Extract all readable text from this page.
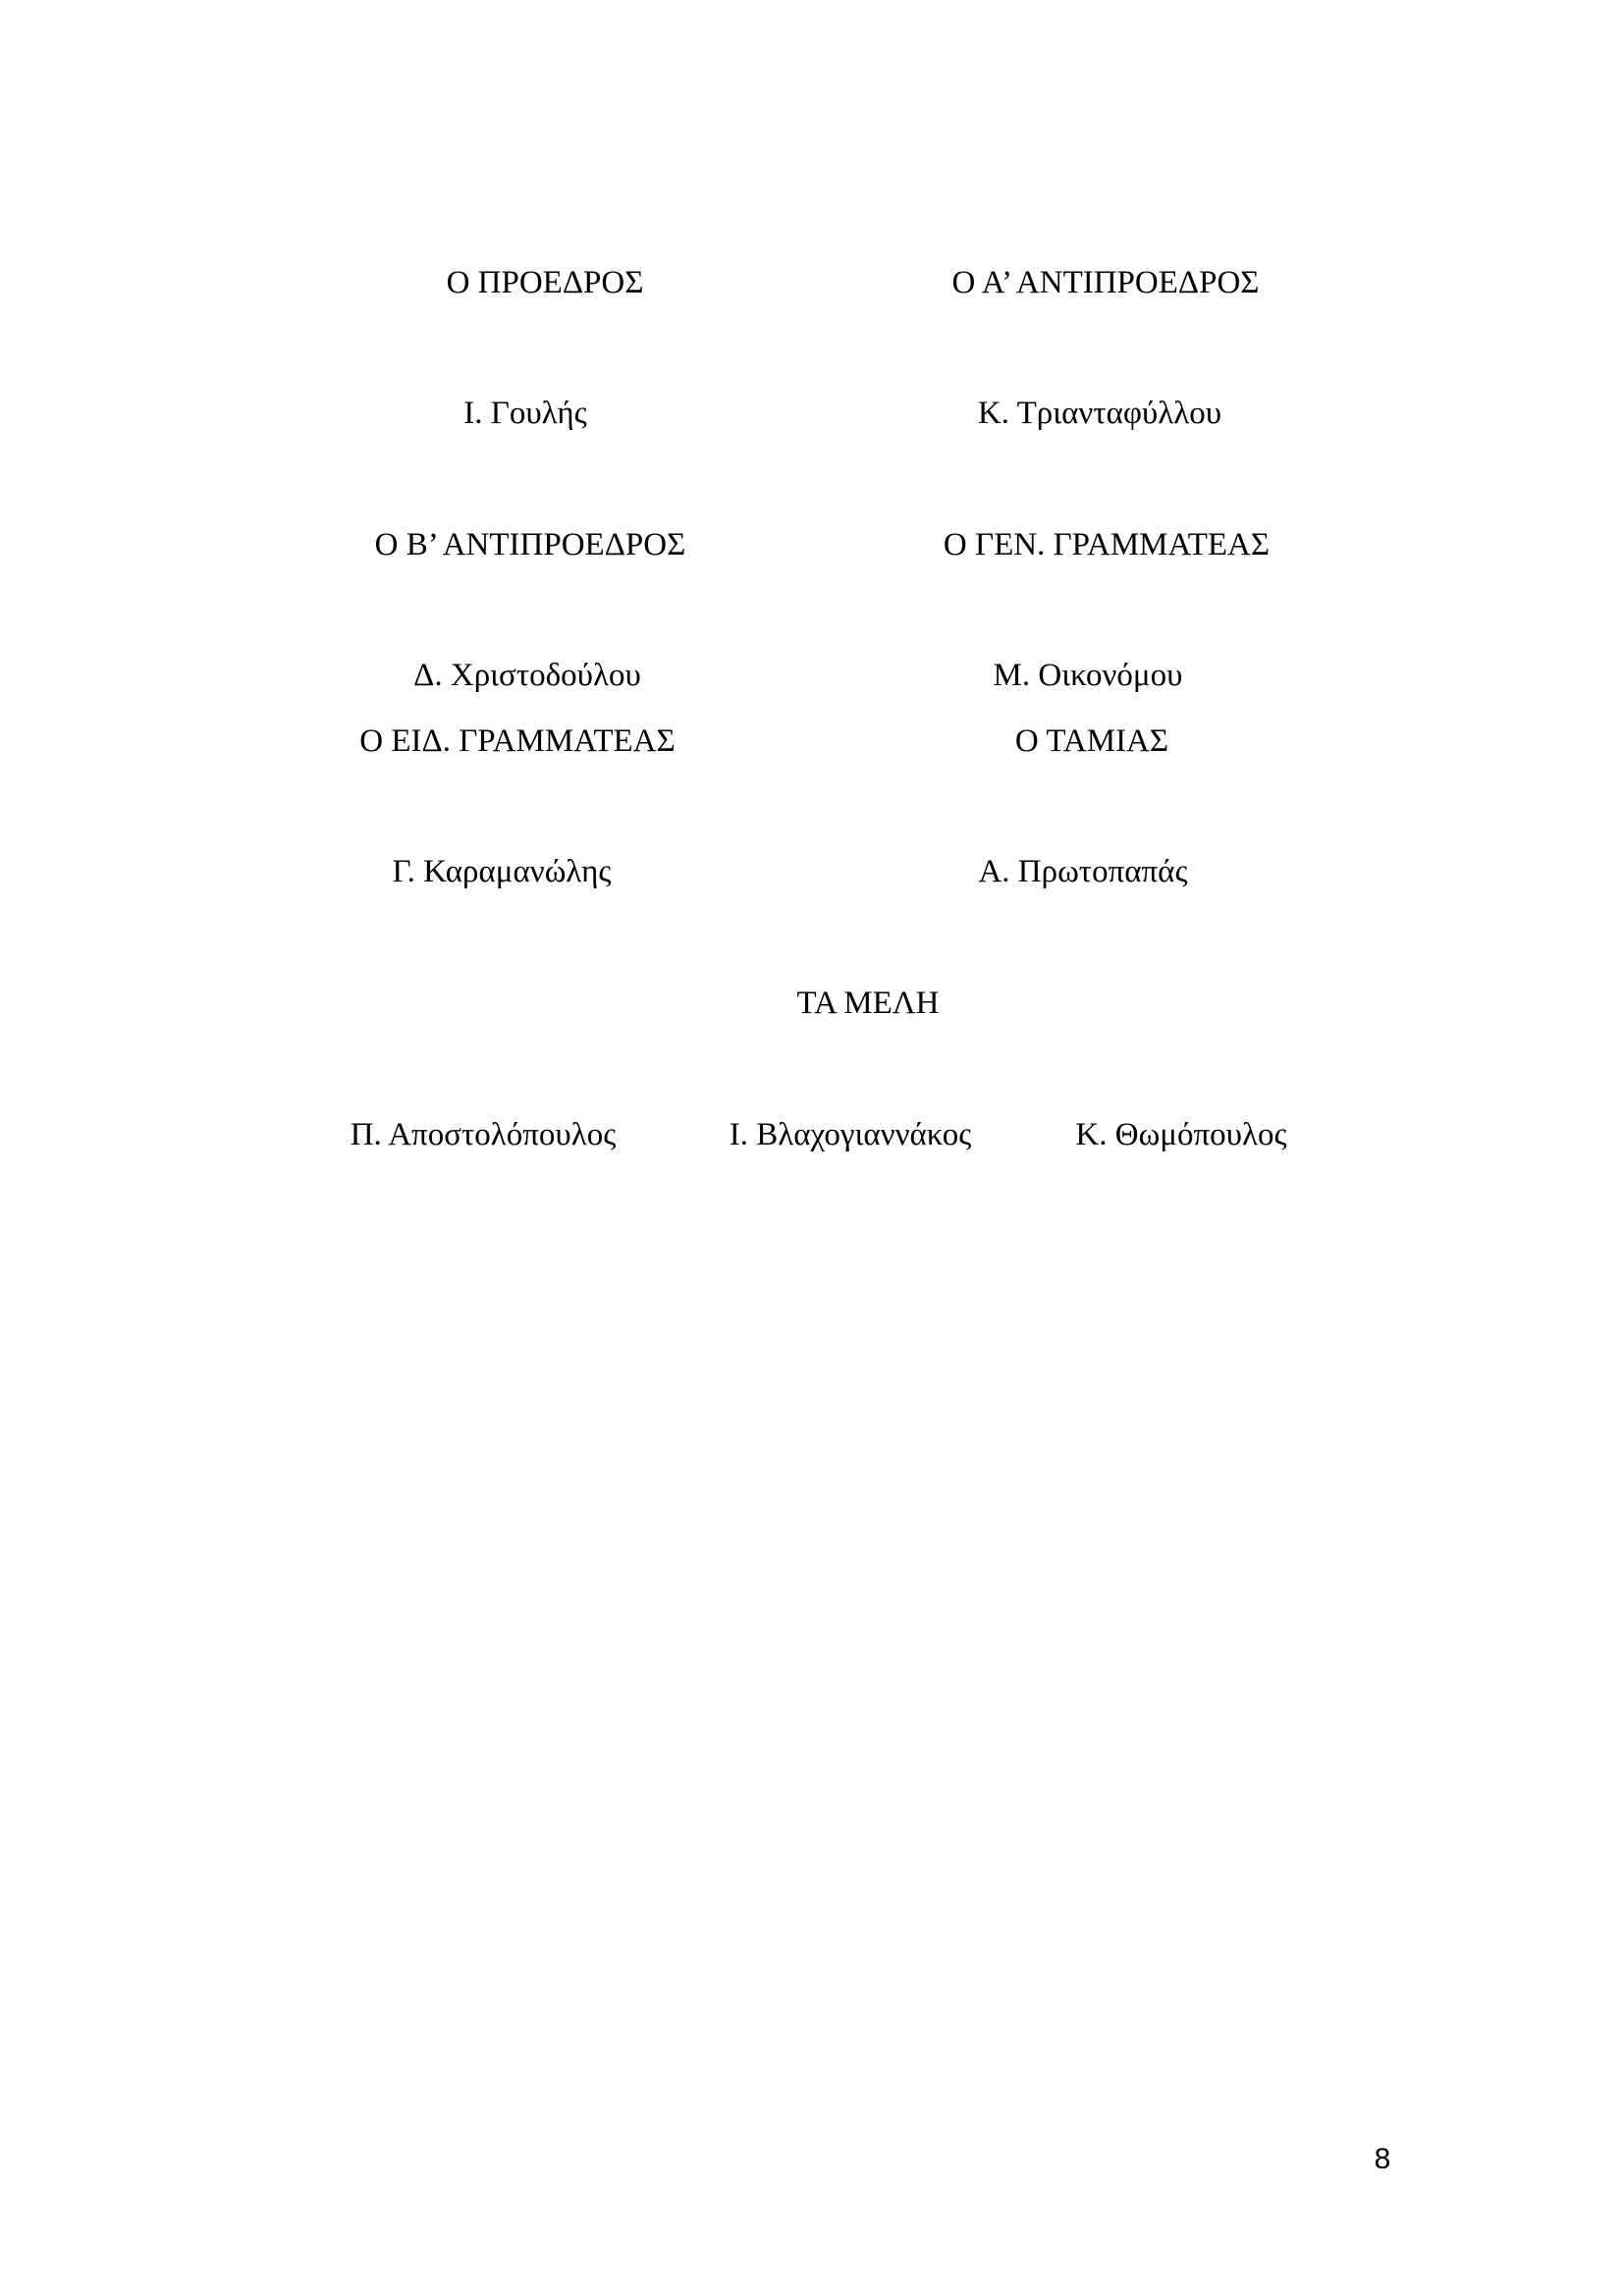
Ο ΠΡΟΕΔΡΟΣ	Ο Α’ ΑΝΤΙΠΡΟΕΔΡΟΣ
Ι. Γουλής	Κ. Τριανταφύλλου
Ο Β’ ΑΝΤΙΠΡΟΕΔΡΟΣ	Ο ΓΕΝ. ΓΡΑΜΜΑΤΕΑΣ
Δ. Χριστοδούλου	Μ. Οικονόμου
Ο ΕΙΔ. ΓΡΑΜΜΑΤΕΑΣ	Ο ΤΑΜΙΑΣ
Γ. Καραμανώλης	Α. Πρωτοπαπάς
ΤΑ ΜΕΛΗ
Π. Αποστολόπουλος	Ι. Βλαχογιαννάκος	Κ. Θωμόπουλος
8
